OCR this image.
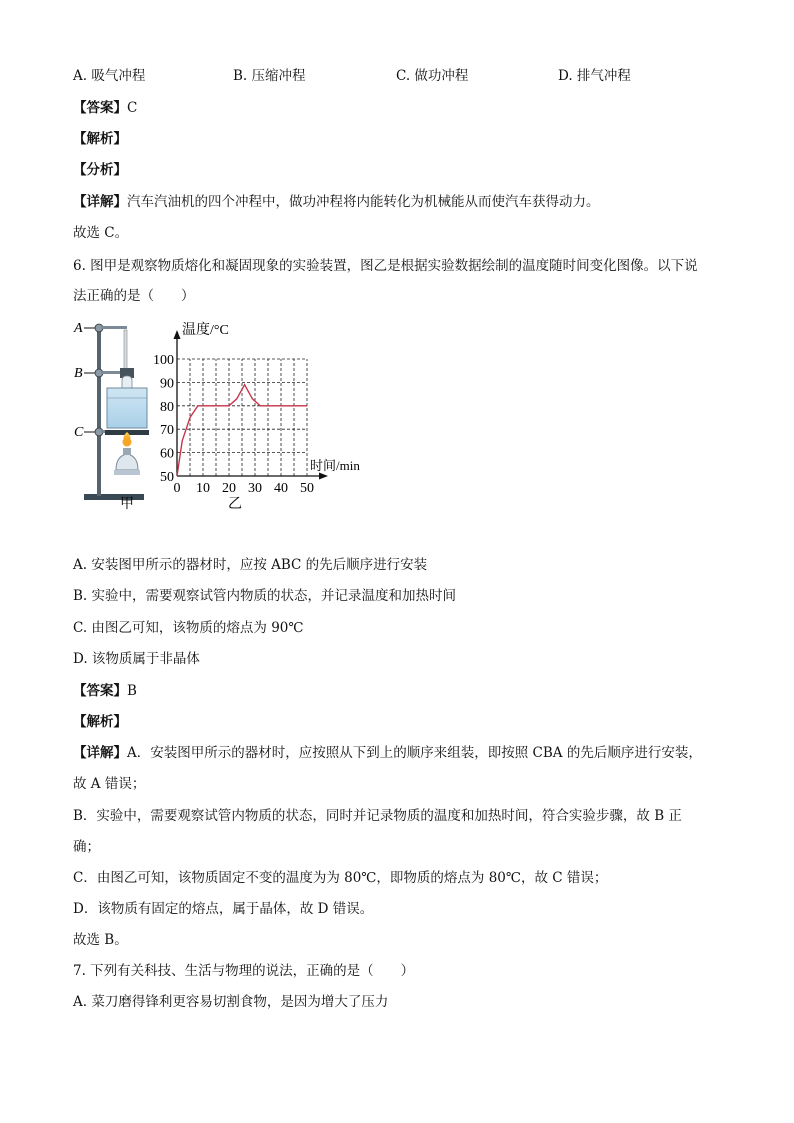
A. 吸气冲程	B. 压缩冲程	C. 做功冲程	D. 排气冲程
【答案】C
【解析】
【分析】
【详解】汽车汽油机的四个冲程中，做功冲程将内能转化为机械能从而使汽车获得动力。
故选 C。
6. 图甲是观察物质熔化和凝固现象的实验装置，图乙是根据实验数据绘制的温度随时间变化图像。以下说
法正确的是（　　）
A
B
C
甲
50
60
70
80
90
100
0 10 20 30 40 50
温度/°C
时间/min
乙
A. 安装图甲所示的器材时，应按 ABC 的先后顺序进行安装
B. 实验中，需要观察试管内物质的状态，并记录温度和加热时间
C. 由图乙可知，该物质的熔点为 90℃
D. 该物质属于非晶体
【答案】B
【解析】
【详解】A．安装图甲所示的器材时，应按照从下到上的顺序来组装，即按照 CBA 的先后顺序进行安装，
故 A 错误；
B．实验中，需要观察试管内物质的状态，同时并记录物质的温度和加热时间，符合实验步骤，故 B 正
确；
C．由图乙可知，该物质固定不变的温度为为 80℃，即物质的熔点为 80℃，故 C 错误；
D．该物质有固定的熔点，属于晶体，故 D 错误。
故选 B。
7. 下列有关科技、生活与物理的说法，正确的是（　　）
A. 菜刀磨得锋利更容易切割食物，是因为增大了压力
